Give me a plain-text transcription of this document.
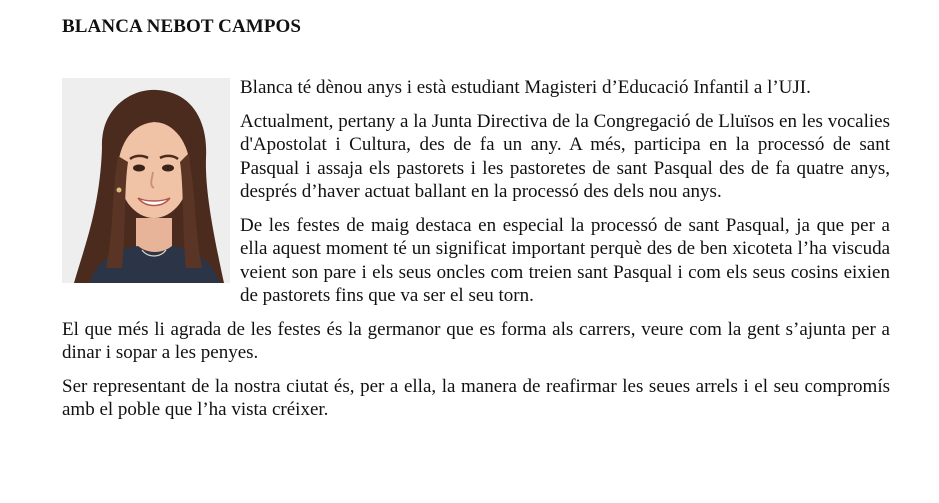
BLANCA NEBOT CAMPOS

Blanca té dènou anys i està estudiant Magisteri d’Educació Infantil a l’UJI.

Actualment, pertany a la Junta Directiva de la Congregació de Lluïsos en les vocalies d'Apostolat i Cultura, des de fa un any. A més, participa en la processó de sant Pasqual i assaja els pastorets i les pastoretes de sant Pasqual des de fa quatre anys, després d’haver actuat ballant en la processó des dels nou anys.

De les festes de maig destaca en especial la processó de sant Pasqual, ja que per a ella aquest moment té un significat important perquè des de ben xicoteta l’ha viscuda veient son pare i els seus oncles com treien sant Pasqual i com els seus cosins eixien de pastorets fins que va ser el seu torn.

El que més li agrada de les festes és la germanor que es forma als carrers, veure com la gent s’ajunta per a dinar i sopar a les penyes.

Ser representant de la nostra ciutat és, per a ella, la manera de reafirmar les seues arrels i el seu compromís amb el poble que l’ha vista créixer.
